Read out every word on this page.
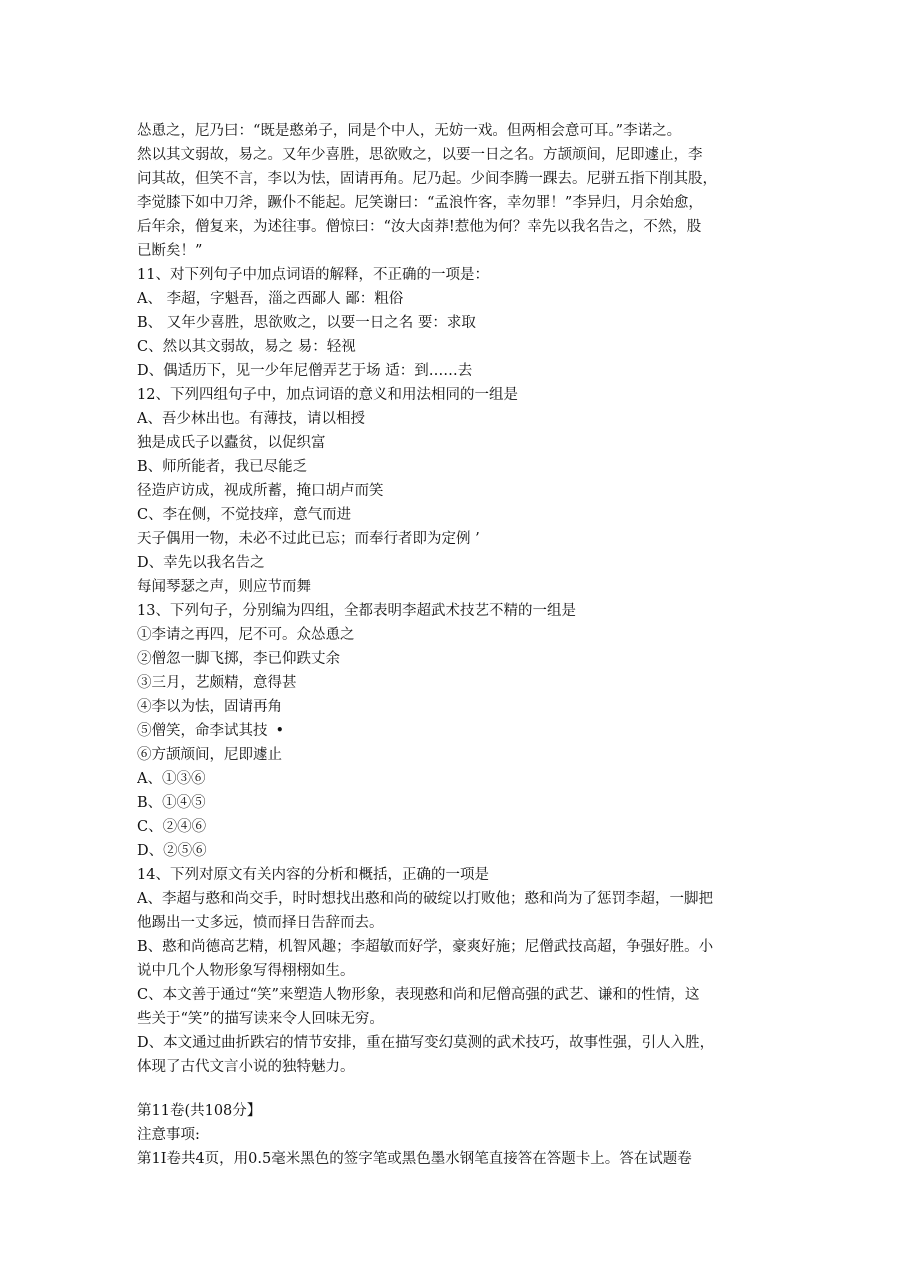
怂恿之，尼乃曰：“既是憨弟子，同是个中人，无妨一戏。但两相会意可耳。”李诺之。
然以其文弱故，易之。又年少喜胜，思欲败之，以要一日之名。方颉颃间，尼即遽止，李
问其故，但笑不言，李以为怯，固请再角。尼乃起。少间李腾一踝去。尼骈五指下削其股，
李觉膝下如中刀斧，蹶仆不能起。尼笑谢曰：“孟浪忤客，幸勿罪！”李异归，月余始愈，
后年余，僧复来，为述往事。僧惊曰：“汝大卤莽!惹他为何？幸先以我名告之，不然，股
已断矣！”
11、对下列句子中加点词语的解释，不正确的一项是：
A、 李超，字魁吾，淄之西鄙人 鄙：粗俗
B、 又年少喜胜，思欲败之，以要一日之名 要：求取
C、然以其文弱故，易之 易：轻视
D、偶适历下，见一少年尼僧弄艺于场 适：到……去
12、下列四组句子中，加点词语的意义和用法相同的一组是
A、吾少林出也。有薄技，请以相授
独是成氏子以蠹贫，以促织富
B、师所能者，我已尽能乏
径造庐访成，视成所蓄，掩口胡卢而笑
C、李在侧，不觉技痒，意气而进
天子偶用一物，未必不过此已忘；而奉行者即为定例 ’
D、幸先以我名告之
每闻琴瑟之声，则应节而舞
13、下列句子，分别编为四组，全都表明李超武术技艺不精的一组是
①李请之再四，尼不可。众怂恿之
②僧忽一脚飞掷，李已仰跌丈余
③三月，艺颇精，意得甚
④李以为怯，固请再角
⑤僧笑，命李试其技 •
⑥方颉颃间，尼即遽止
A、①③⑥
B、①④⑤
C、②④⑥
D、②⑤⑥
14、下列对原文有关内容的分析和概括，正确的一项是
A、李超与憨和尚交手，时时想找出憨和尚的破绽以打败他；憨和尚为了惩罚李超，一脚把
他踢出一丈多远，愤而择日告辞而去。
B、憨和尚德高艺精，机智风趣；李超敏而好学，豪爽好施；尼僧武技高超，争强好胜。小
说中几个人物形象写得栩栩如生。
C、本文善于通过“笑”来塑造人物形象，表现憨和尚和尼僧高强的武艺、谦和的性情，这
些关于“笑”的描写读来令人回味无穷。
D、本文通过曲折跌宕的情节安排，重在描写变幻莫测的武术技巧，故事性强，引人入胜，
体现了古代文言小说的独特魅力。
第11卷(共108分】
注意事项:
第1I卷共4页，用0.5毫米黑色的签字笔或黑色墨水钢笔直接答在答题卡上。答在试题卷
